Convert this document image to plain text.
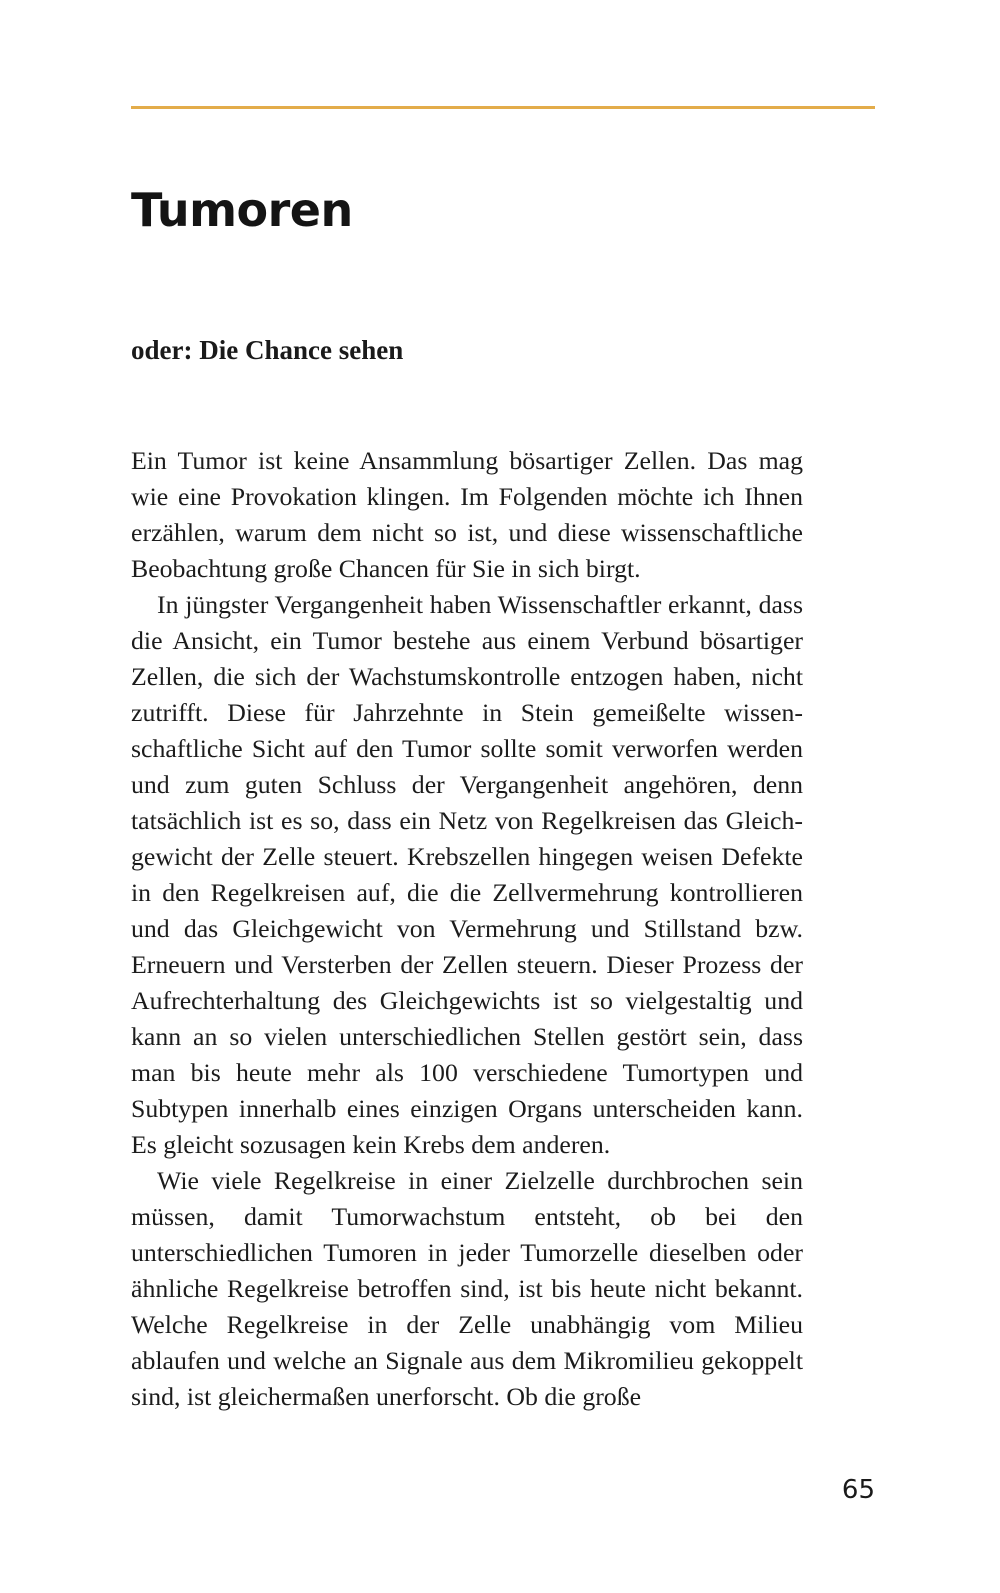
Tumoren
oder: Die Chance sehen

Ein Tumor ist keine Ansammlung bösartiger Zellen. Das mag wie eine Provokation klingen. Im Folgenden möchte ich Ihnen erzählen, warum dem nicht so ist, und diese wissenschaftliche Beobachtung große Chancen für Sie in sich birgt.

In jüngster Vergangenheit haben Wissenschaftler erkannt, dass die Ansicht, ein Tumor bestehe aus einem Verbund bösartiger Zellen, die sich der Wachstumskontrolle entzogen haben, nicht zutrifft. Diese für Jahrzehnte in Stein gemeißelte wissenschaftliche Sicht auf den Tumor sollte somit verworfen werden und zum guten Schluss der Vergangenheit angehören, denn tatsächlich ist es so, dass ein Netz von Regelkreisen das Gleichgewicht der Zelle steuert. Krebszellen hingegen weisen Defekte in den Regelkreisen auf, die die Zellvermehrung kontrollieren und das Gleichgewicht von Vermehrung und Stillstand bzw. Erneuern und Versterben der Zellen steuern. Dieser Prozess der Aufrechterhaltung des Gleichgewichts ist so vielgestaltig und kann an so vielen unterschiedlichen Stellen gestört sein, dass man bis heute mehr als 100 verschiedene Tumortypen und Subtypen innerhalb eines einzigen Organs unterscheiden kann. Es gleicht sozusagen kein Krebs dem anderen.

Wie viele Regelkreise in einer Zielzelle durchbrochen sein müssen, damit Tumorwachstum entsteht, ob bei den unterschiedlichen Tumoren in jeder Tumorzelle dieselben oder ähnliche Regelkreise betroffen sind, ist bis heute nicht bekannt. Welche Regelkreise in der Zelle unabhängig vom Milieu ablaufen und welche an Signale aus dem Mikromilieu gekoppelt sind, ist gleichermaßen unerforscht. Ob die große

65
